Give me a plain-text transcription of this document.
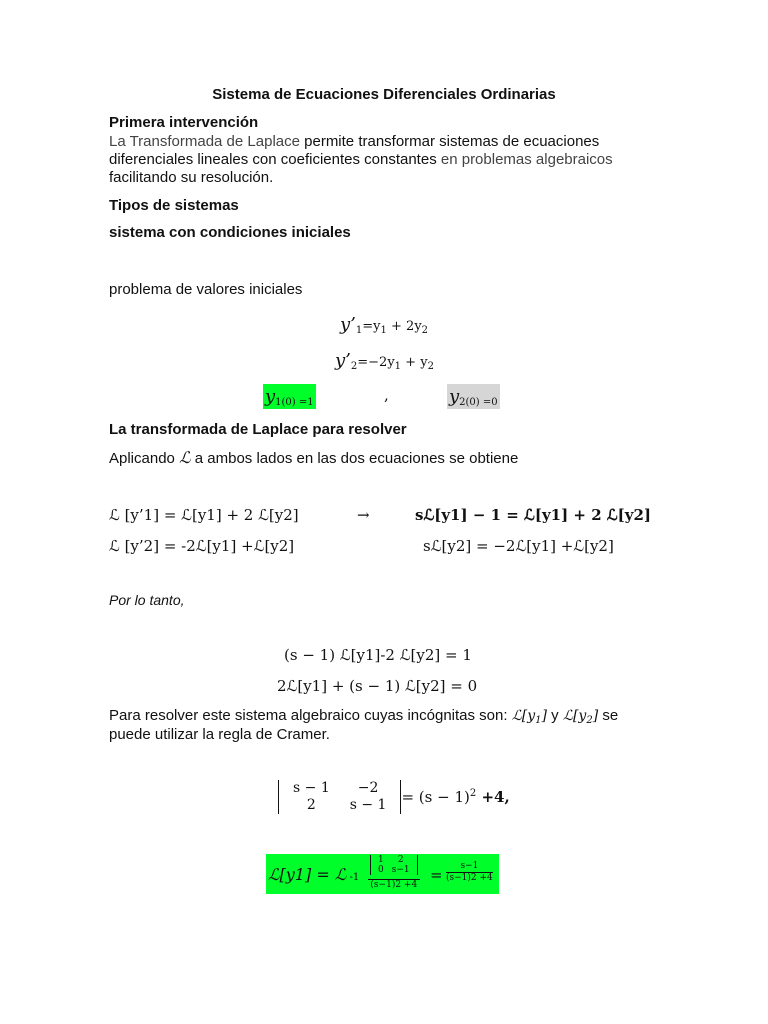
Sistema de Ecuaciones Diferenciales Ordinarias
Primera intervención
La Transformada de Laplace permite transformar sistemas de ecuaciones
diferenciales lineales con coeficientes constantes en problemas algebraicos
facilitando su resolución.
Tipos de sistemas
sistema con condiciones iniciales
problema de valores iniciales
$y’_1=y_1 + 2y_2$
$y’_2=-2y_1 + y_2$
$y_{1(0) =1}$	,	$y_{2(0) =0}$
La transformada de Laplace para resolver
Aplicando ℒ a ambos lados en las dos ecuaciones se obtiene
ℒ [y’1] = ℒ[y1] + 2 ℒ[y2]	→	sℒ[y1] − 1 = ℒ[y1] + 2 ℒ[y2]
ℒ [y’2] = -2ℒ[y1] +ℒ[y2]	sℒ[y2] = −2ℒ[y1] +ℒ[y2]
Por lo tanto,
(s − 1) ℒ[y1]-2 ℒ[y2] = 1
2ℒ[y1] + (s − 1) ℒ[y2] = 0
Para resolver este sistema algebraico cuyas incógnitas son: $ℒ[y_1]$ y $ℒ[y_2]$ se
puede utilizar la regla de Cramer.
s − 1	−2
2	$s - 1 = (s - 1)^2 +4$,
ℒ[y1] = ℒ -1 1	2
0	s−1
$(s-1)2 +4 = \frac{s-1}{(s-1)2 +4}$
